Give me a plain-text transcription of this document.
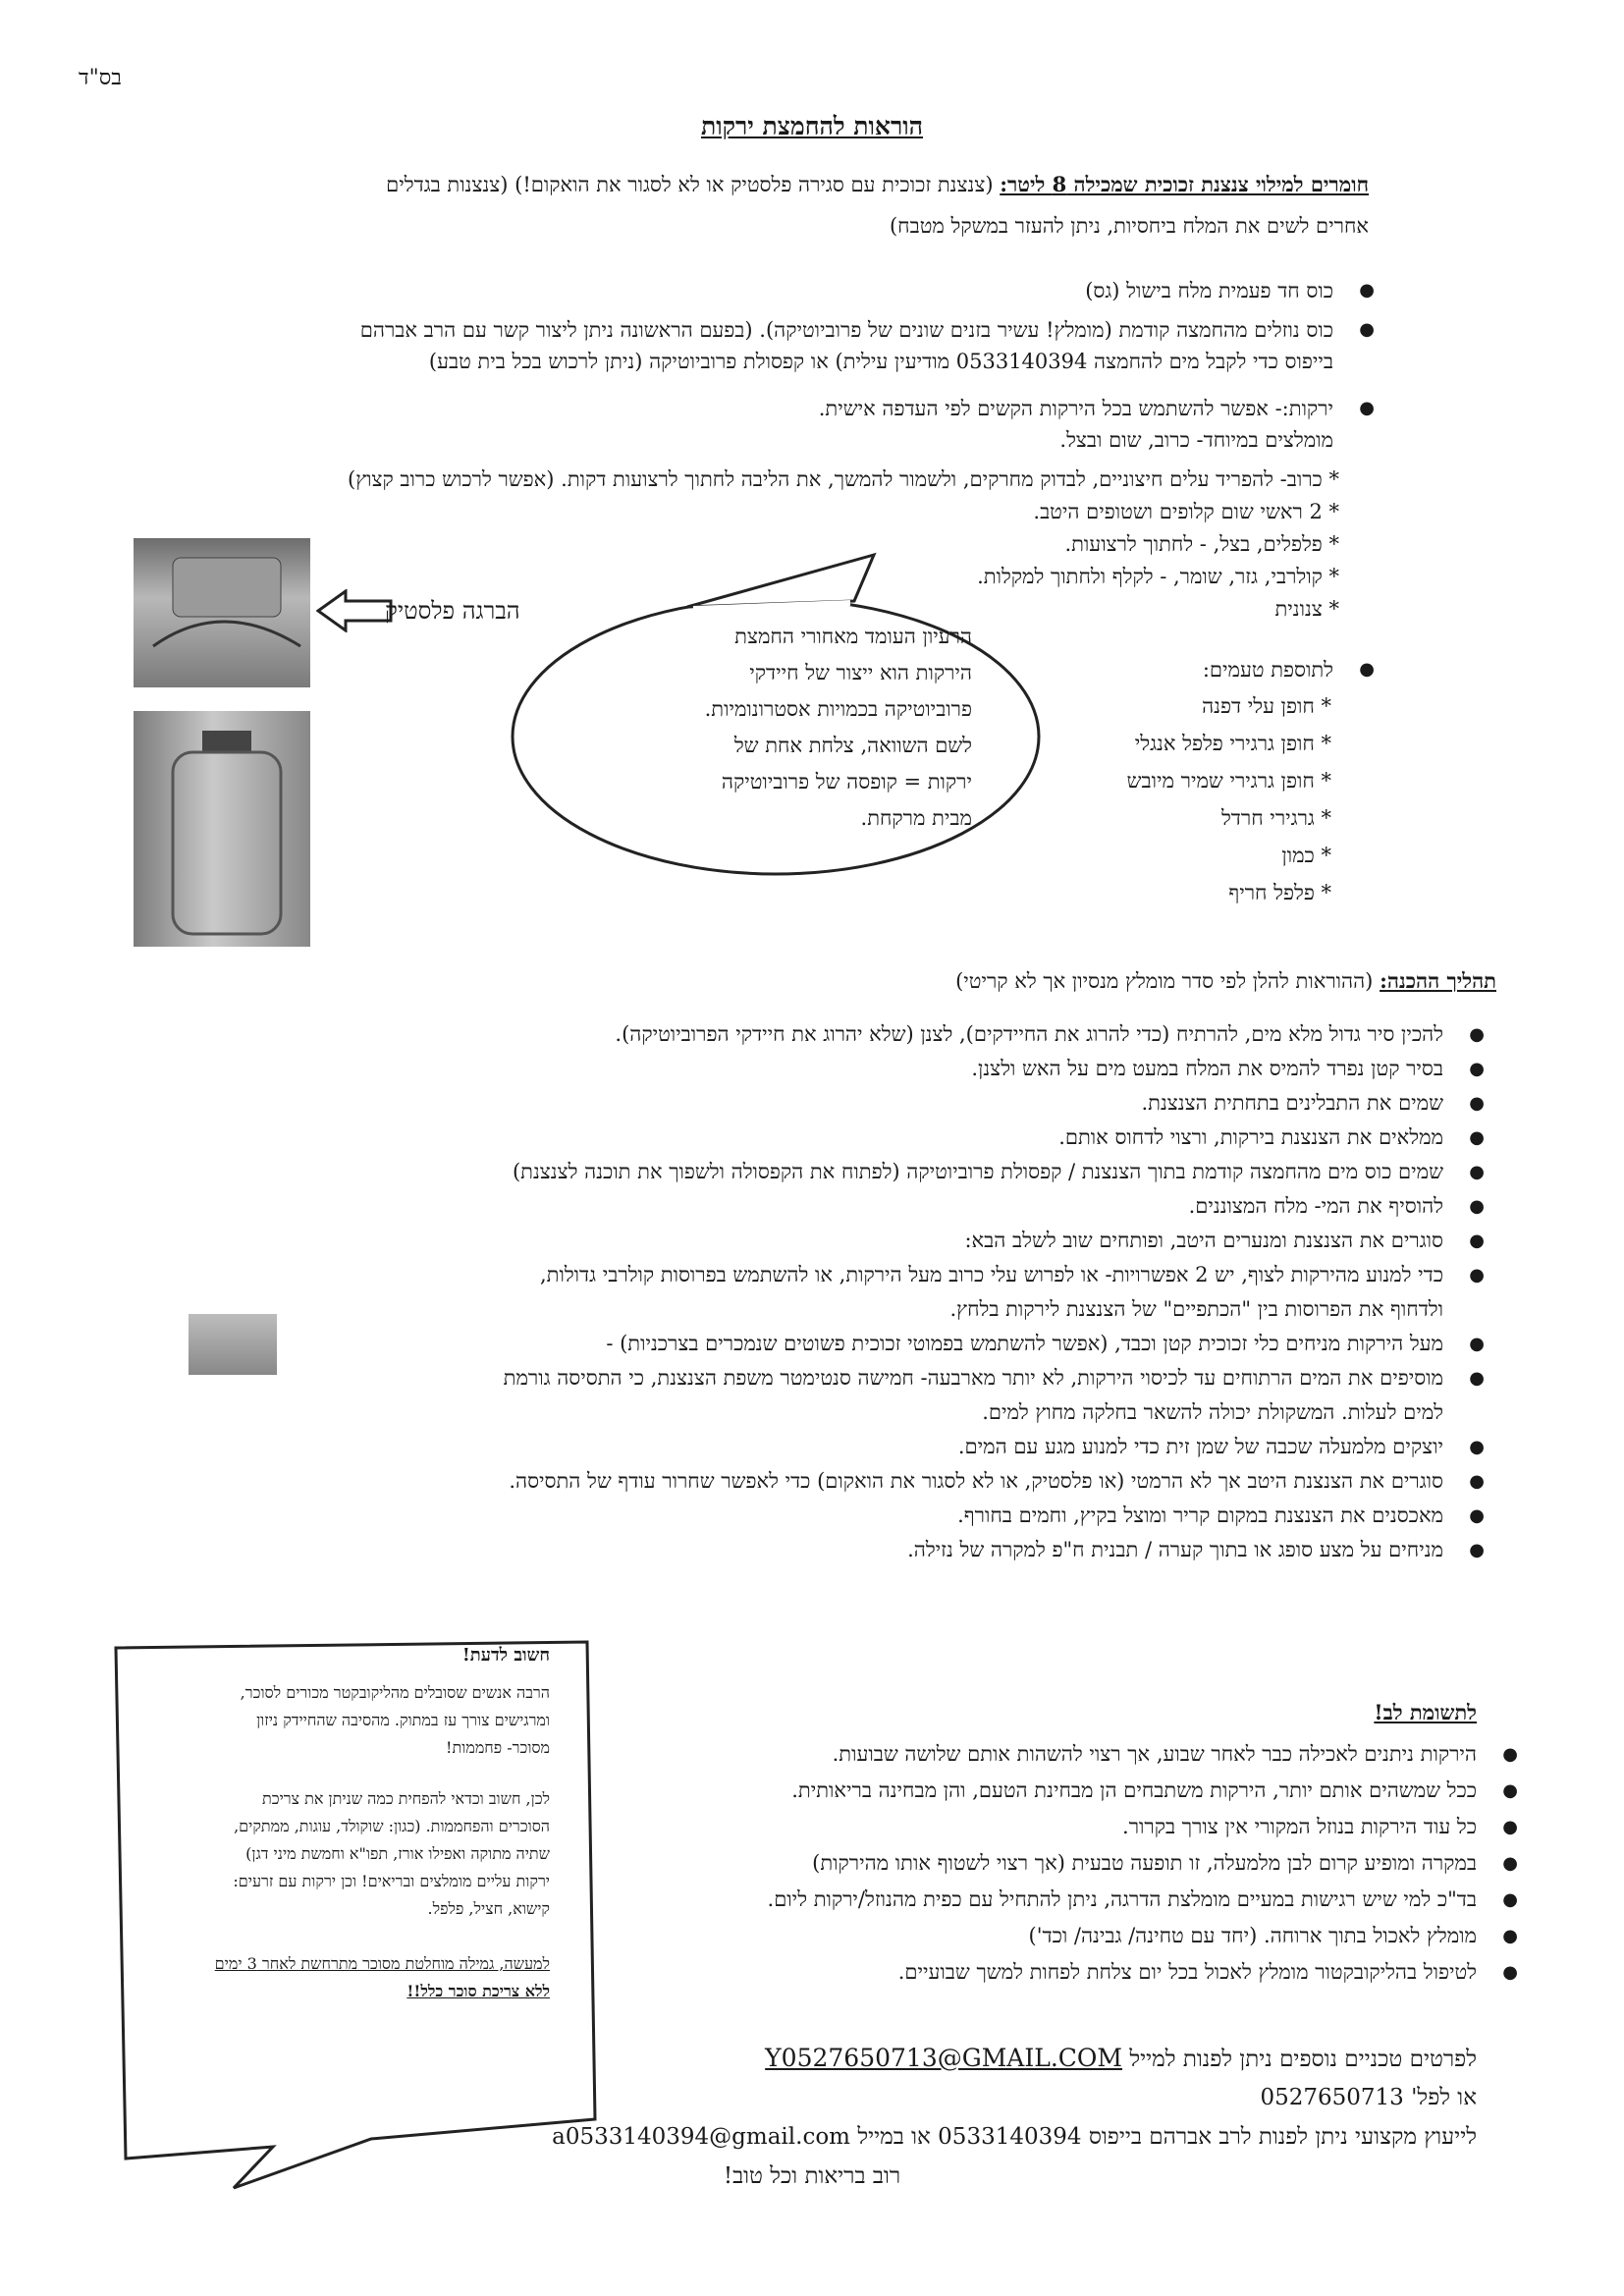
בס"ד
הוראות להחמצת ירקות
חומרים למילוי צנצנת זכוכית שמכילה 8 ליטר: (צנצנת זכוכית עם סגירה פלסטיק או לא לסגור את הואקום!) (צנצנות בגדלים
אחרים לשים את המלח ביחסיות, ניתן להעזר במשקל מטבח)
●
כוס חד פעמית מלח בישול (גס)
●
כוס נוזלים מהחמצה קודמת (מומלץ! עשיר בזנים שונים של פרוביוטיקה). (בפעם הראשונה ניתן ליצור קשר עם הרב אברהם
בייפוס כדי לקבל מים להחמצה 0533140394 מודיעין עילית) או קפסולת פרוביוטיקה (ניתן לרכוש בכל בית טבע)
●
ירקות:- אפשר להשתמש בכל הירקות הקשים לפי העדפה אישית.
מומלצים במיוחד- כרוב, שום ובצל.
* כרוב- להפריד עלים חיצוניים, לבדוק מחרקים, ולשמור להמשך, את הליבה לחתוך לרצועות דקות. (אפשר לרכוש כרוב קצוץ)
* 2 ראשי שום קלופים ושטופים היטב.
* פלפלים, בצל, - לחתוך לרצועות.
* קולרבי, גזר, שומר, - לקלף ולחתוך למקלות.
* צנונית
●
לתוספת טעמים:
* חופן עלי דפנה
* חופן גרגירי פלפל אנגלי
* חופן גרגירי שמיר מיובש
* גרגירי חרדל
* כמון
* פלפל חריף
הברגה פלסטיק
הרעיון העומד מאחורי החמצת
הירקות הוא ייצור של חיידקי
פרוביוטיקה בכמויות אסטרונומיות.
לשם השוואה, צלחת אחת של
ירקות = קופסה של פרוביוטיקה
מבית מרקחת.
תהליך ההכנה: (ההוראות להלן לפי סדר מומלץ מנסיון אך לא קריטי)
●
להכין סיר גדול מלא מים, להרתיח (כדי להרוג את החיידקים), לצנן (שלא יהרוג את חיידקי הפרוביוטיקה).
●
בסיר קטן נפרד להמיס את המלח במעט מים על האש ולצנן.
●
שמים את התבלינים בתחתית הצנצנת.
●
ממלאים את הצנצנת בירקות, ורצוי לדחוס אותם.
●
שמים כוס מים מהחמצה קודמת בתוך הצנצנת / קפסולת פרוביוטיקה (לפתוח את הקפסולה ולשפוך את תוכנה לצנצנת)
●
להוסיף את המי- מלח המצוננים.
●
סוגרים את הצנצנת ומנערים היטב, ופותחים שוב לשלב הבא:
●
כדי למנוע מהירקות לצוף, יש 2 אפשרויות- או לפרוש עלי כרוב מעל הירקות, או להשתמש בפרוסות קולרבי גדולות,
ולדחוף את הפרוסות בין "הכתפיים" של הצנצנת לירקות בלחץ.
●
מעל הירקות מניחים כלי זכוכית קטן וכבד, (אפשר להשתמש בפמוטי זכוכית פשוטים שנמכרים בצרכניות) -
●
מוסיפים את המים הרתוחים עד לכיסוי הירקות, לא יותר מארבעה- חמישה סנטימטר משפת הצנצנת, כי התסיסה גורמת
למים לעלות. המשקולת יכולה להשאר בחלקה מחוץ למים.
●
יוצקים מלמעלה שכבה של שמן זית כדי למנוע מגע עם המים.
●
סוגרים את הצנצנת היטב אך לא הרמטי (או פלסטיק, או לא לסגור את הואקום) כדי לאפשר שחרור עודף של התסיסה.
●
מאכסנים את הצנצנת במקום קריר ומוצל בקיץ, וחמים בחורף.
●
מניחים על מצע סופג או בתוך קערה / תבנית ח"פ למקרה של נזילה.
חשוב לדעת!
הרבה אנשים שסובלים מהליקובקטר מכורים לסוכר,
ומרגישים צורך עז במתוק. מהסיבה שהחיידק ניזון
מסוכר- פחממות!
לכן, חשוב וכדאי להפחית כמה שניתן את צריכת
הסוכרים והפחממות. (כגון: שוקולד, עוגות, ממתקים,
שתיה מתוקה ואפילו אורז, תפו"א וחמשת מיני דגן)
ירקות עליים מומלצים ובריאים! וכן ירקות עם זרעים:
קישוא, חציל, פלפל.
למעשה, גמילה מוחלטת מסוכר מתרחשת לאחר 3 ימים
ללא צריכת סוכר כלל!!
לתשומת לב!
●
הירקות ניתנים לאכילה כבר לאחר שבוע, אך רצוי להשהות אותם שלושה שבועות.
●
ככל שמשהים אותם יותר, הירקות משתבחים הן מבחינת הטעם, והן מבחינה בריאותית.
●
כל עוד הירקות בנוזל המקורי אין צורך בקרור.
●
במקרה ומופיע קרום לבן מלמעלה, זו תופעה טבעית (אך רצוי לשטוף אותו מהירקות)
●
בד"כ למי שיש רגישות במעיים מומלצת הדרגה, ניתן להתחיל עם כפית מהנוזל/ירקות ליום.
●
מומלץ לאכול בתוך ארוחה. (יחד עם טחינה/ גבינה/ וכד')
●
לטיפול בהליקובקטור מומלץ לאכול בכל יום צלחת לפחות למשך שבועיים.
לפרטים טכניים נוספים ניתן לפנות למייל Y0527650713@GMAIL.COM
או לפל' 0527650713
לייעוץ מקצועי ניתן לפנות לרב אברהם בייפוס 0533140394 או במייל a0533140394@gmail.com
רוב בריאות וכל טוב!
